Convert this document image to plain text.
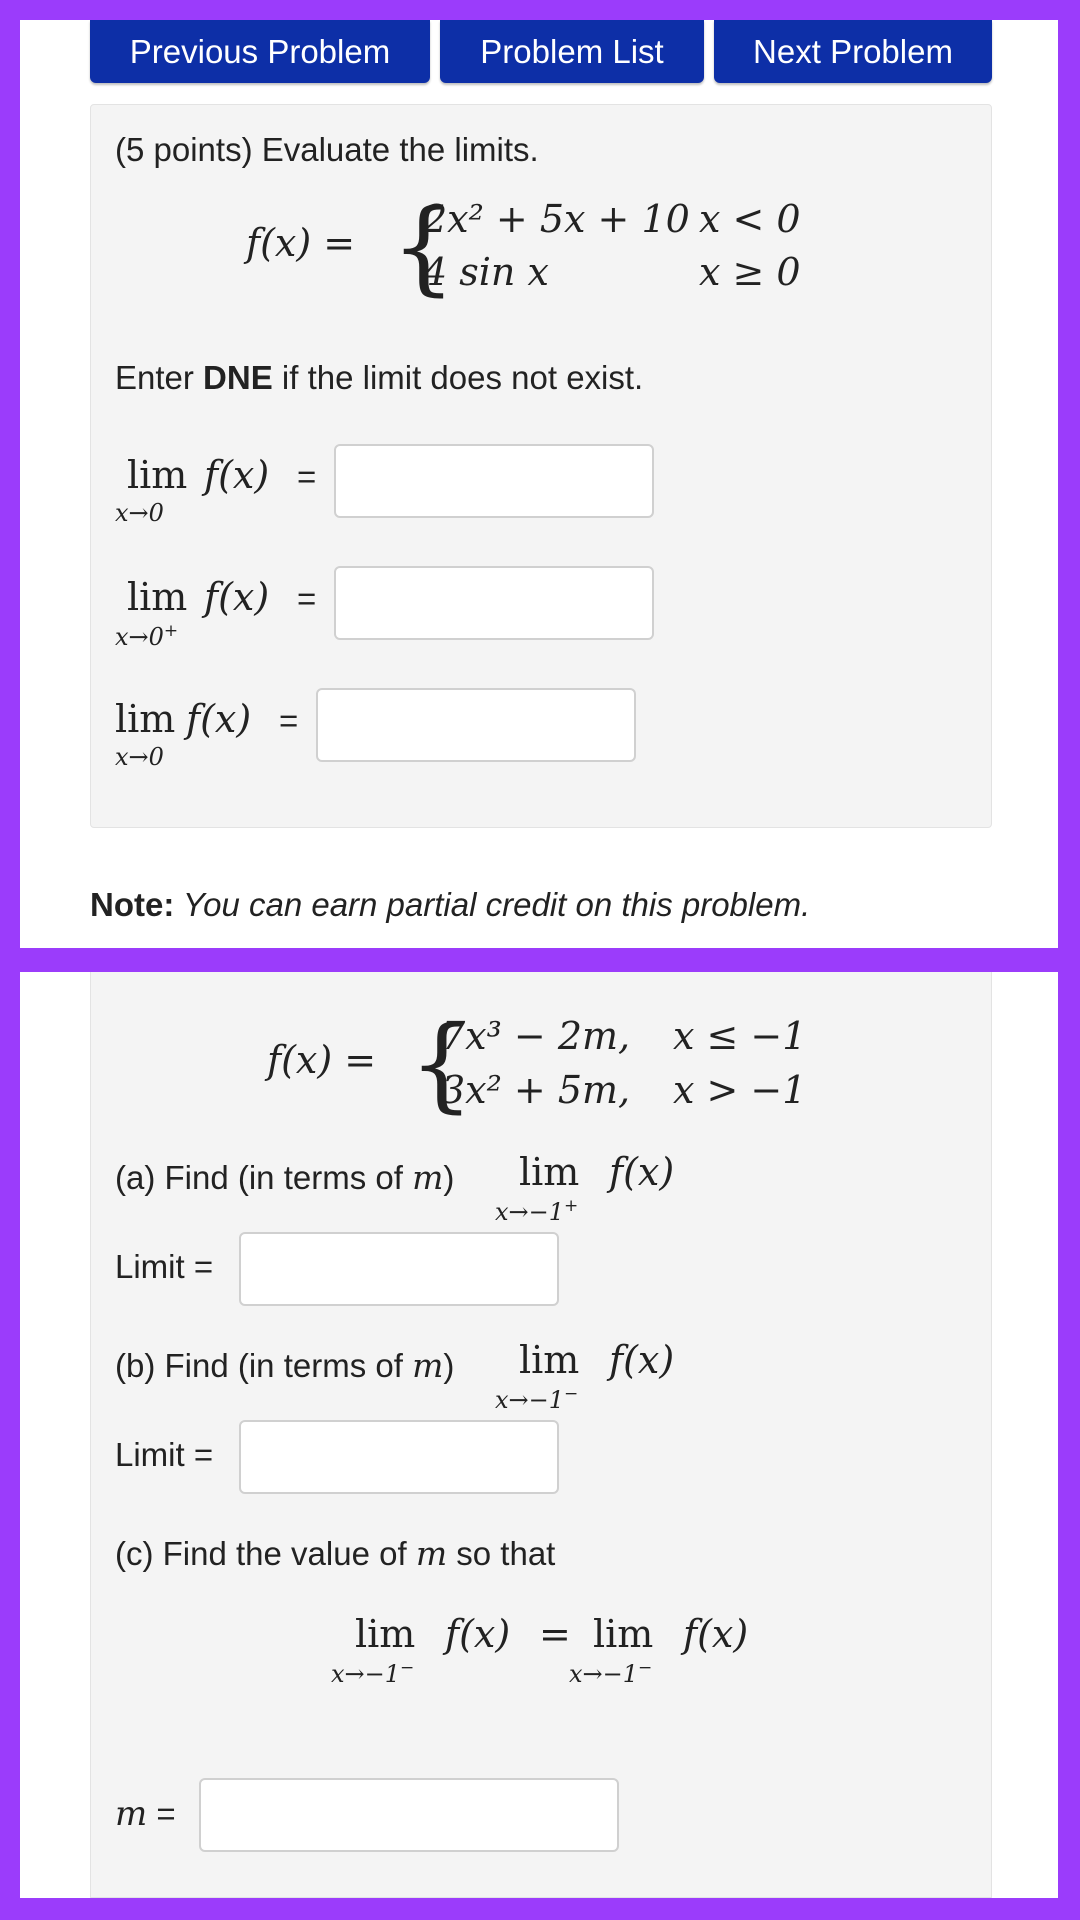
Previous Problem	Problem List	Next Problem
(5 points) Evaluate the limits.
f(x) = {
2x² + 5x + 10 x < 0
4 sin x	x ≥ 0
Enter DNE if the limit does not exist.
lim
x→0
f(x) =
lim
x→0+
f(x) =
lim
x→0
f(x) =
Note: You can earn partial credit on this problem.
f(x) = {
7x³ − 2m, x ≤ −1
3x² + 5m, x > −1
(a) Find (in terms of m) lim
x→−1+
f(x)
Limit =
(b) Find (in terms of m) lim
x→−1−
f(x)
Limit =
(c) Find the value of m so that
lim
x→−1−
f(x) = lim
x→−1−
f(x)
m =
